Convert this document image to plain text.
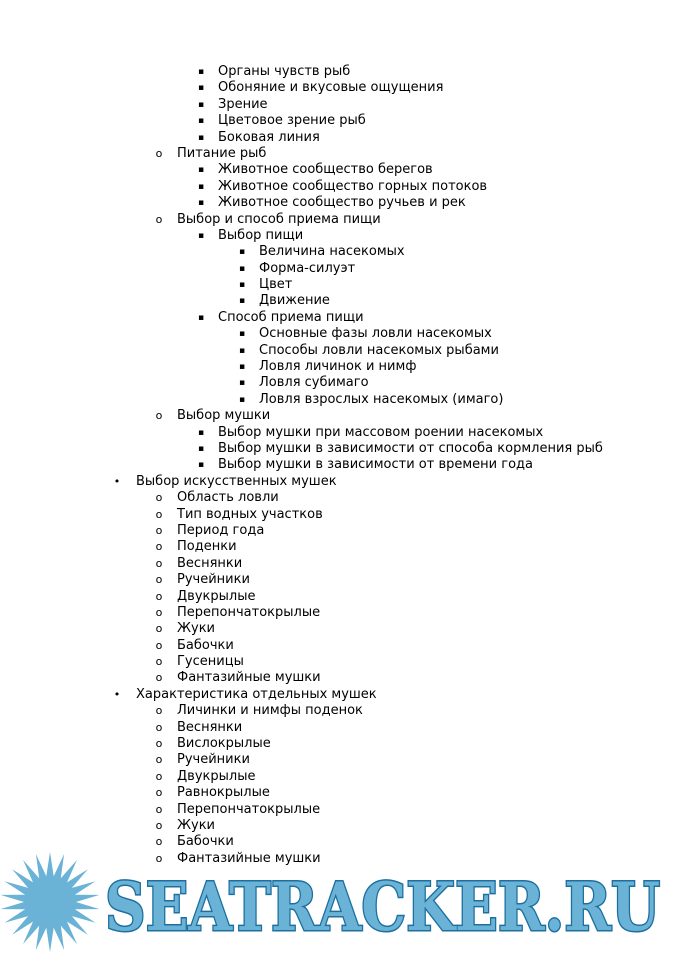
▪ Органы чувств рыб
▪ Обоняние и вкусовые ощущения
▪ Зрение
▪ Цветовое зрение рыб
▪ Боковая линия
o Питание рыб
▪ Животное сообщество берегов
▪ Животное сообщество горных потоков
▪ Животное сообщество ручьев и рек
o Выбор и способ приема пищи
▪ Выбор пищи
▪ Величина насекомых
▪ Форма-силуэт
▪ Цвет
▪ Движение
▪ Способ приема пищи
▪ Основные фазы ловли насекомых
▪ Способы ловли насекомых рыбами
▪ Ловля личинок и нимф
▪ Ловля субимаго
▪ Ловля взрослых насекомых (имаго)
o Выбор мушки
▪ Выбор мушки при массовом роении насекомых
▪ Выбор мушки в зависимости от способа кормления рыб
▪ Выбор мушки в зависимости от времени года
• Выбор искусственных мушек
o Область ловли
o Тип водных участков
o Период года
o Поденки
o Веснянки
o Ручейники
o Двукрылые
o Перепончатокрылые
o Жуки
o Бабочки
o Гусеницы
o Фантазийные мушки
• Характеристика отдельных мушек
o Личинки и нимфы поденок
o Веснянки
o Вислокрылые
o Ручейники
o Двукрылые
o Равнокрылые
o Перепончатокрылые
o Жуки
o Бабочки
o Фантазийные мушки
SEATRACKER.RU
